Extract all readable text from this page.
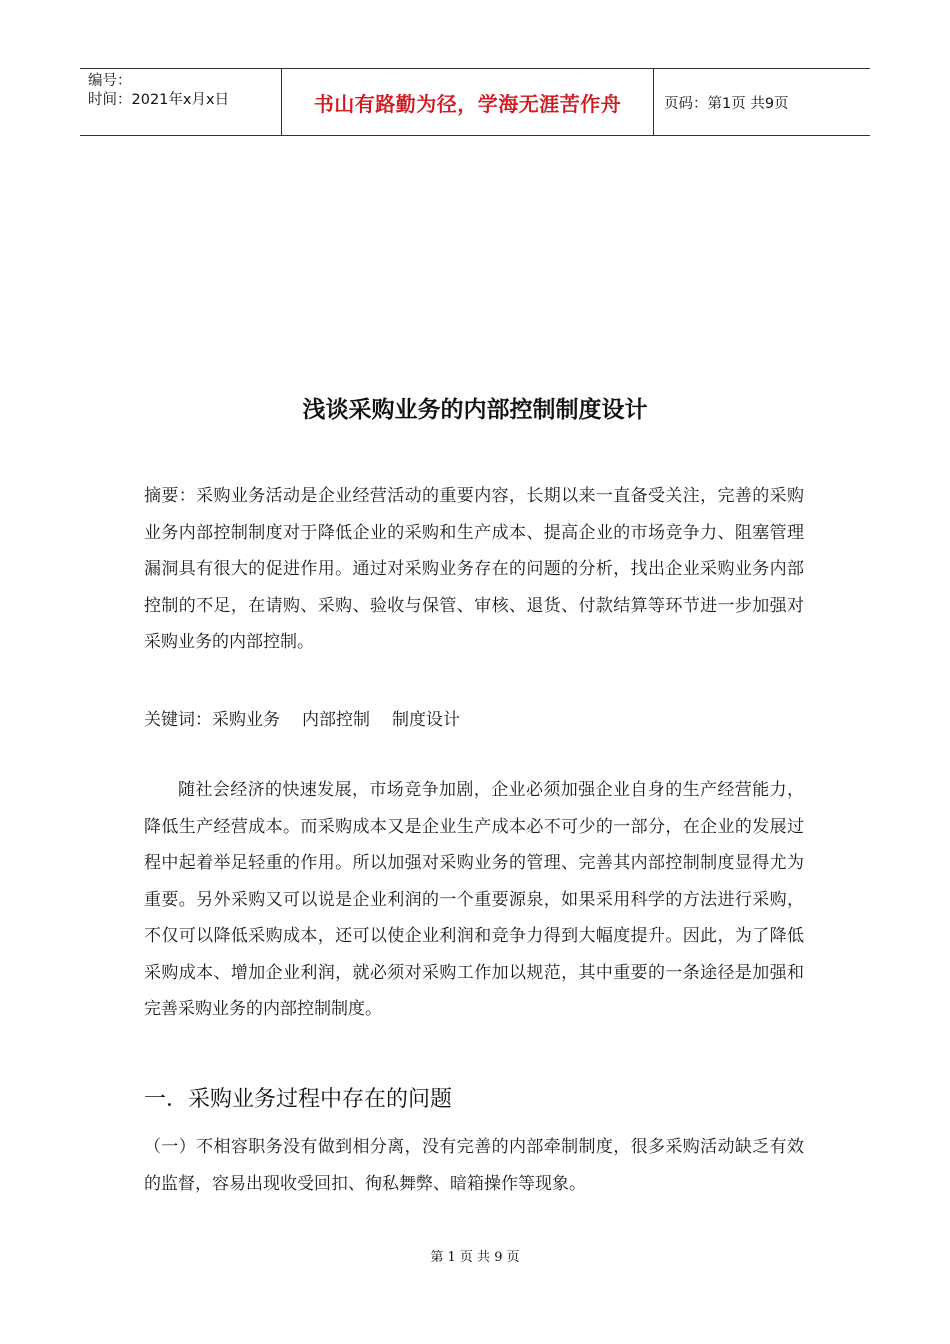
编号：
时间：2021年x月x日	书山有路勤为径，学海无涯苦作舟	页码：第1页 共9页
浅谈采购业务的内部控制制度设计
摘要：采购业务活动是企业经营活动的重要内容，长期以来一直备受关注，完善的采购业务内部控制制度对于降低企业的采购和生产成本、提高企业的市场竞争力、阻塞管理漏洞具有很大的促进作用。通过对采购业务存在的问题的分析，找出企业采购业务内部控制的不足，在请购、采购、验收与保管、审核、退货、付款结算等环节进一步加强对采购业务的内部控制。
关键词：采购业务 内部控制 制度设计
随社会经济的快速发展，市场竞争加剧，企业必须加强企业自身的生产经营能力，降低生产经营成本。而采购成本又是企业生产成本必不可少的一部分，在企业的发展过程中起着举足轻重的作用。所以加强对采购业务的管理、完善其内部控制制度显得尤为重要。另外采购又可以说是企业利润的一个重要源泉，如果采用科学的方法进行采购，不仅可以降低采购成本，还可以使企业利润和竞争力得到大幅度提升。因此，为了降低采购成本、增加企业利润，就必须对采购工作加以规范，其中重要的一条途径是加强和完善采购业务的内部控制制度。
一．采购业务过程中存在的问题
（一）不相容职务没有做到相分离，没有完善的内部牵制制度，很多采购活动缺乏有效的监督，容易出现收受回扣、徇私舞弊、暗箱操作等现象。
第 1 页 共 9 页
